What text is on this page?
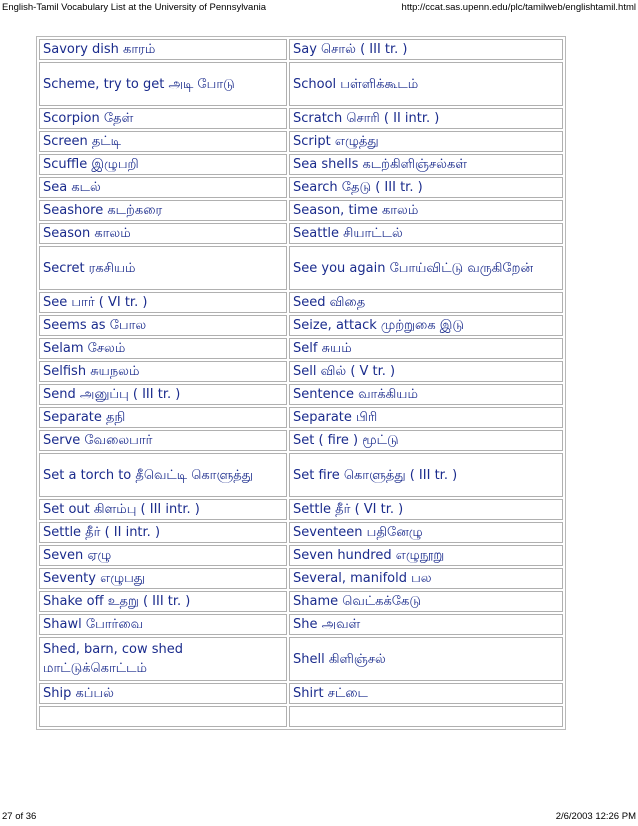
English-Tamil Vocabulary List at the University of Pennsylvania	http://ccat.sas.upenn.edu/plc/tamilweb/englishtamil.html
Savory dish காரம்	Say சொல் ( III tr. )
Scheme, try to get அடி போடு	School பள்ளிக்கூடம்
Scorpion தேள்	Scratch சொரி ( II intr. )
Screen தட்டி	Script எழுத்து
Scuffle இழுபறி	Sea shells கடற்கிளிஞ்சல்கள்
Sea கடல்	Search தேடு ( III tr. )
Seashore கடற்கரை	Season, time காலம்
Season காலம்	Seattle சியாட்டல்
Secret ரகசியம்	See you again போய்விட்டு வருகிறேன்
See பார் ( VI tr. )	Seed விதை
Seems as போல	Seize, attack முற்றுகை இடு
Selam சேலம்	Self சுயம்
Selfish சுயநலம்	Sell வில் ( V tr. )
Send அனுப்பு ( III tr. )	Sentence வாக்கியம்
Separate தநி	Separate பிரி
Serve வேலைபார்	Set ( fire ) மூட்டு
Set a torch to தீவெட்டி கொளுத்து	Set fire கொளுத்து ( III tr. )
Set out கிளம்பு ( III intr. )	Settle தீர் ( VI tr. )
Settle தீர் ( II intr. )	Seventeen பதினேழு
Seven ஏழு	Seven hundred எழுநூறு
Seventy எழுபது	Several, manifold பல
Shake off உதறு ( III tr. )	Shame வெட்கக்கேடு
Shawl போர்வை	She அவள்
Shed, barn, cow shed மாட்டுக்கொட்டம்	Shell கிளிஞ்சல்
Ship கப்பல்	Shirt சட்டை

27 of 36	2/6/2003 12:26 PM
